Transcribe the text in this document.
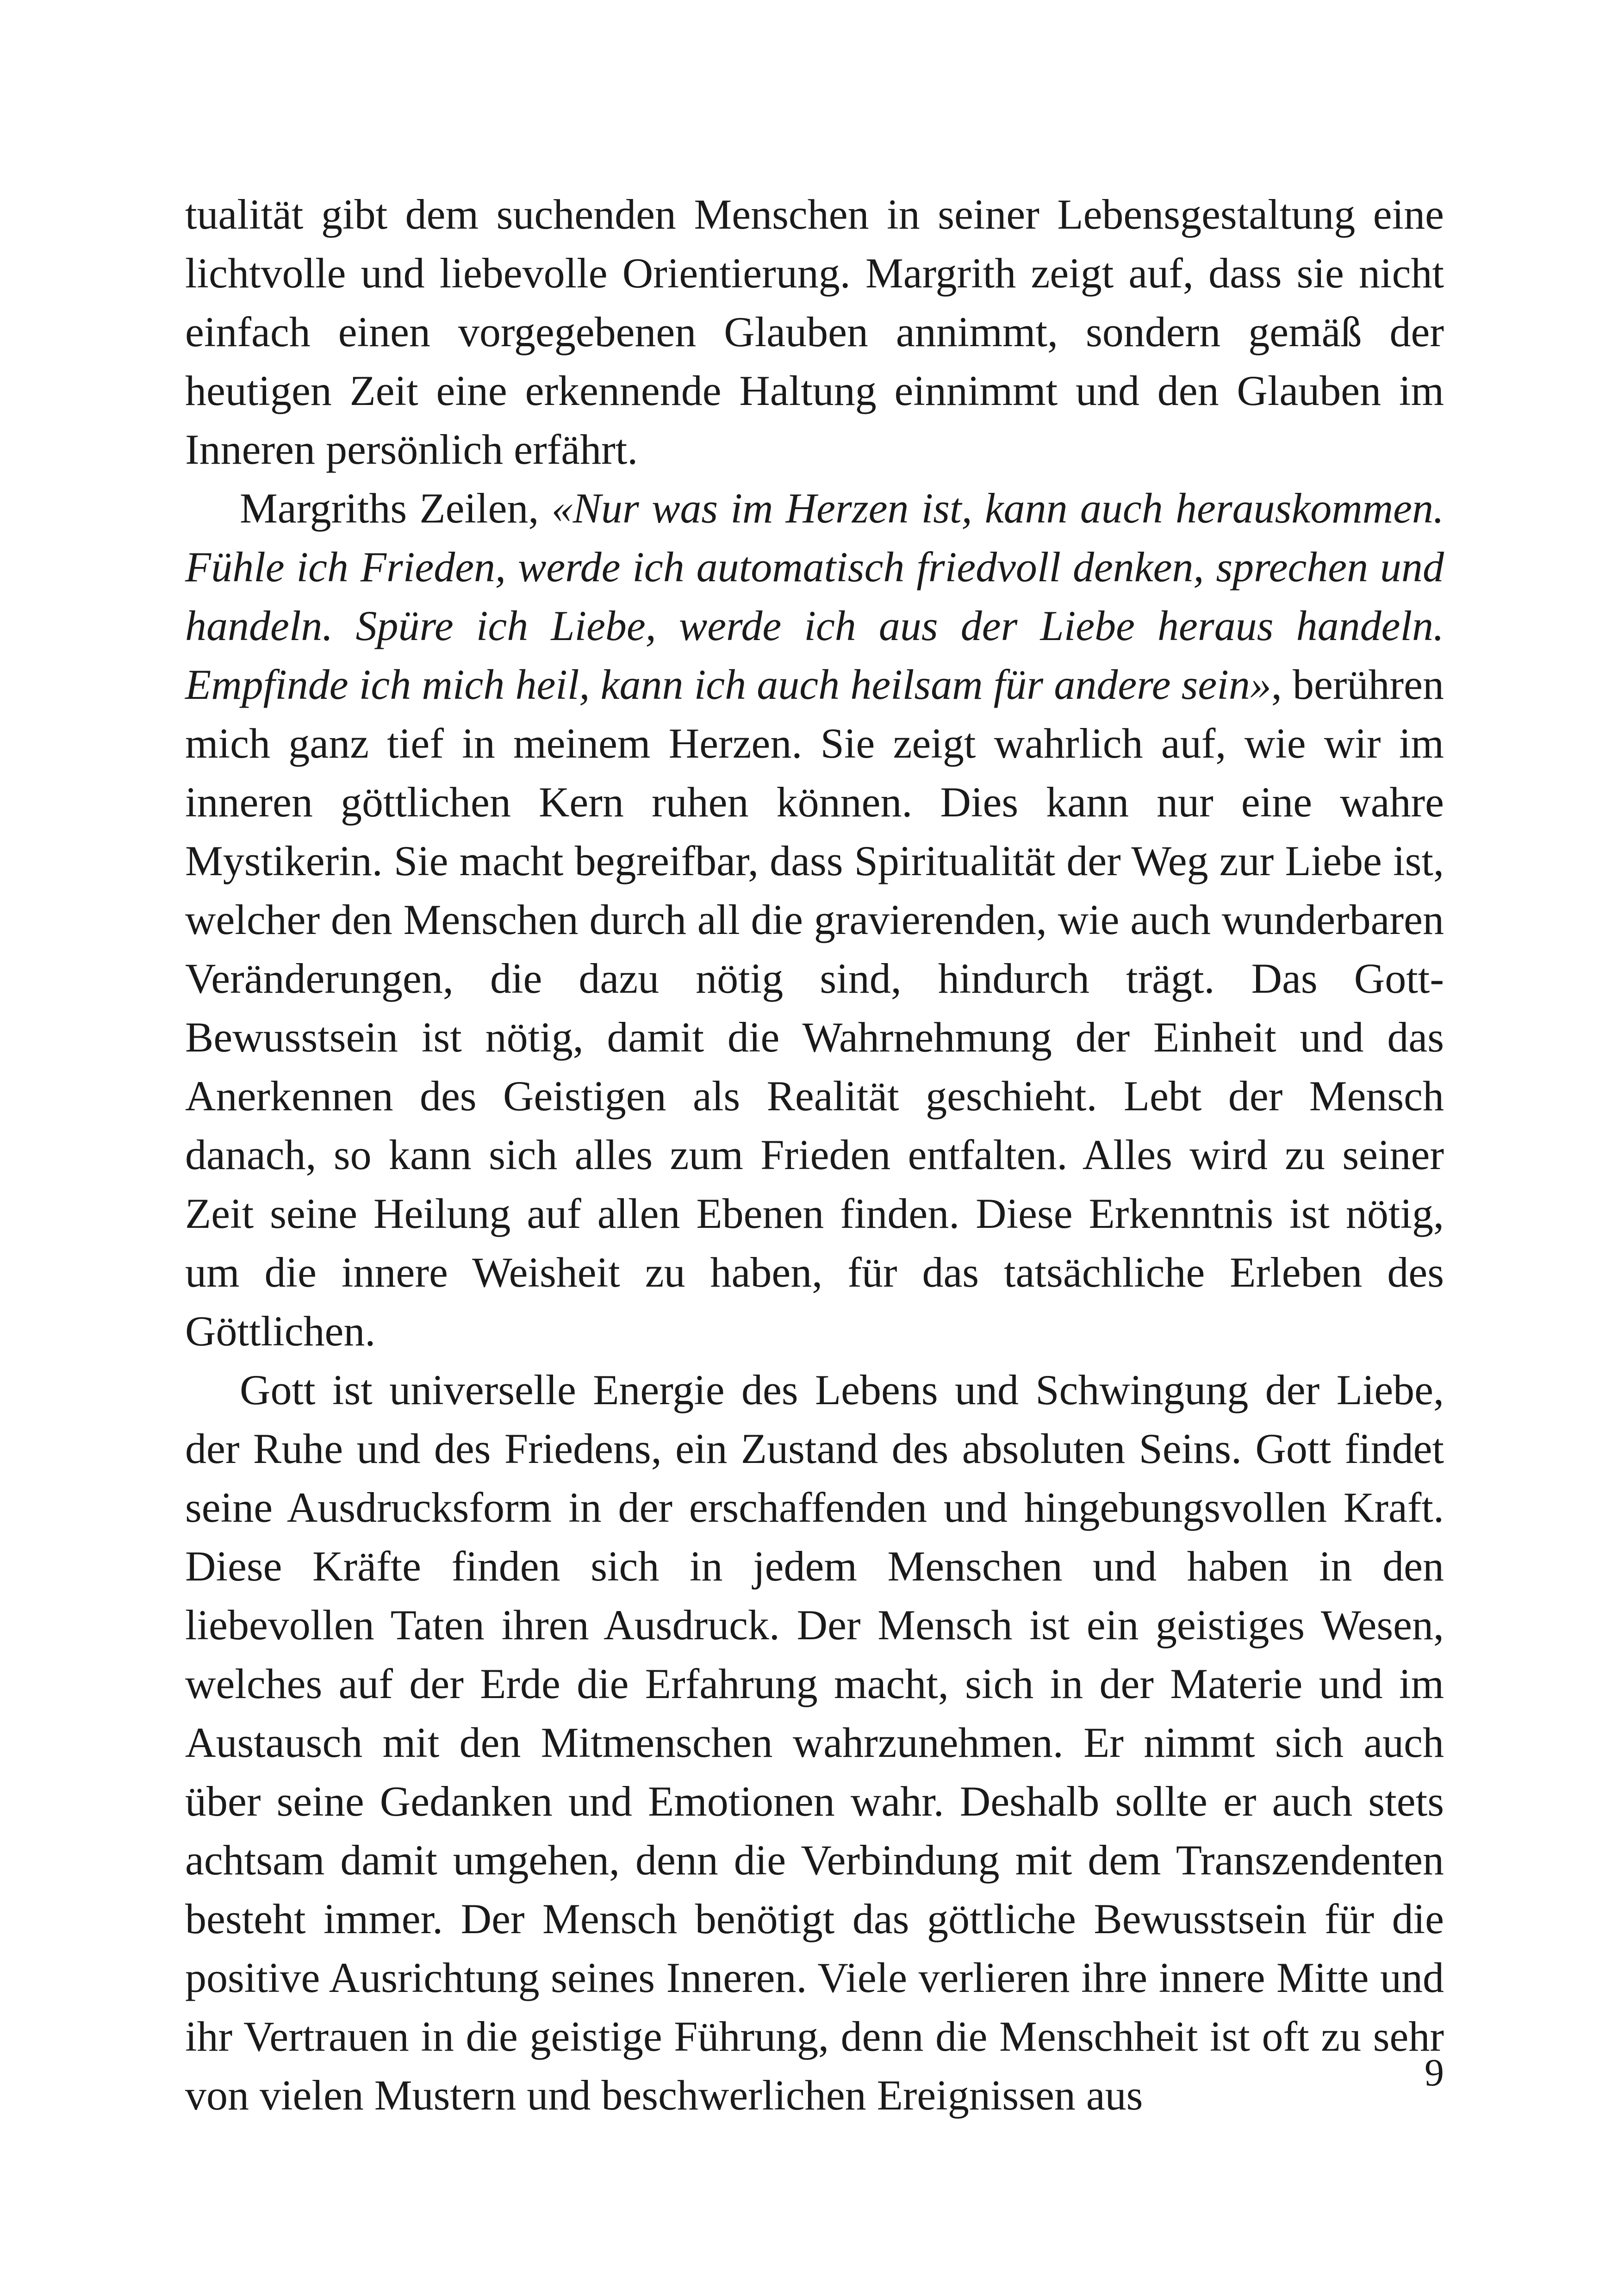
tualität gibt dem suchenden Menschen in seiner Lebensgestaltung eine lichtvolle und liebevolle Orientierung. Margrith zeigt auf, dass sie nicht einfach einen vorgegebenen Glauben annimmt, sondern gemäß der heutigen Zeit eine erkennende Haltung einnimmt und den Glauben im Inneren persönlich erfährt.

Margriths Zeilen, «Nur was im Herzen ist, kann auch herauskommen. Fühle ich Frieden, werde ich automatisch friedvoll denken, sprechen und handeln. Spüre ich Liebe, werde ich aus der Liebe heraus handeln. Empfinde ich mich heil, kann ich auch heilsam für andere sein», berühren mich ganz tief in meinem Herzen. Sie zeigt wahrlich auf, wie wir im inneren göttlichen Kern ruhen können. Dies kann nur eine wahre Mystikerin. Sie macht begreifbar, dass Spiritualität der Weg zur Liebe ist, welcher den Menschen durch all die gravierenden, wie auch wunderbaren Veränderungen, die dazu nötig sind, hindurch trägt. Das Gott-Bewusstsein ist nötig, damit die Wahrnehmung der Einheit und das Anerkennen des Geistigen als Realität geschieht. Lebt der Mensch danach, so kann sich alles zum Frieden entfalten. Alles wird zu seiner Zeit seine Heilung auf allen Ebenen finden. Diese Erkenntnis ist nötig, um die innere Weisheit zu haben, für das tatsächliche Erleben des Göttlichen.

Gott ist universelle Energie des Lebens und Schwingung der Liebe, der Ruhe und des Friedens, ein Zustand des absoluten Seins. Gott findet seine Ausdrucksform in der erschaffenden und hingebungsvollen Kraft. Diese Kräfte finden sich in jedem Menschen und haben in den liebevollen Taten ihren Ausdruck. Der Mensch ist ein geistiges Wesen, welches auf der Erde die Erfahrung macht, sich in der Materie und im Austausch mit den Mitmenschen wahrzunehmen. Er nimmt sich auch über seine Gedanken und Emotionen wahr. Deshalb sollte er auch stets achtsam damit umgehen, denn die Verbindung mit dem Transzendenten besteht immer. Der Mensch benötigt das göttliche Bewusstsein für die positive Ausrichtung seines Inneren. Viele verlieren ihre innere Mitte und ihr Vertrauen in die geistige Führung, denn die Menschheit ist oft zu sehr von vielen Mustern und beschwerlichen Ereignissen aus	9
